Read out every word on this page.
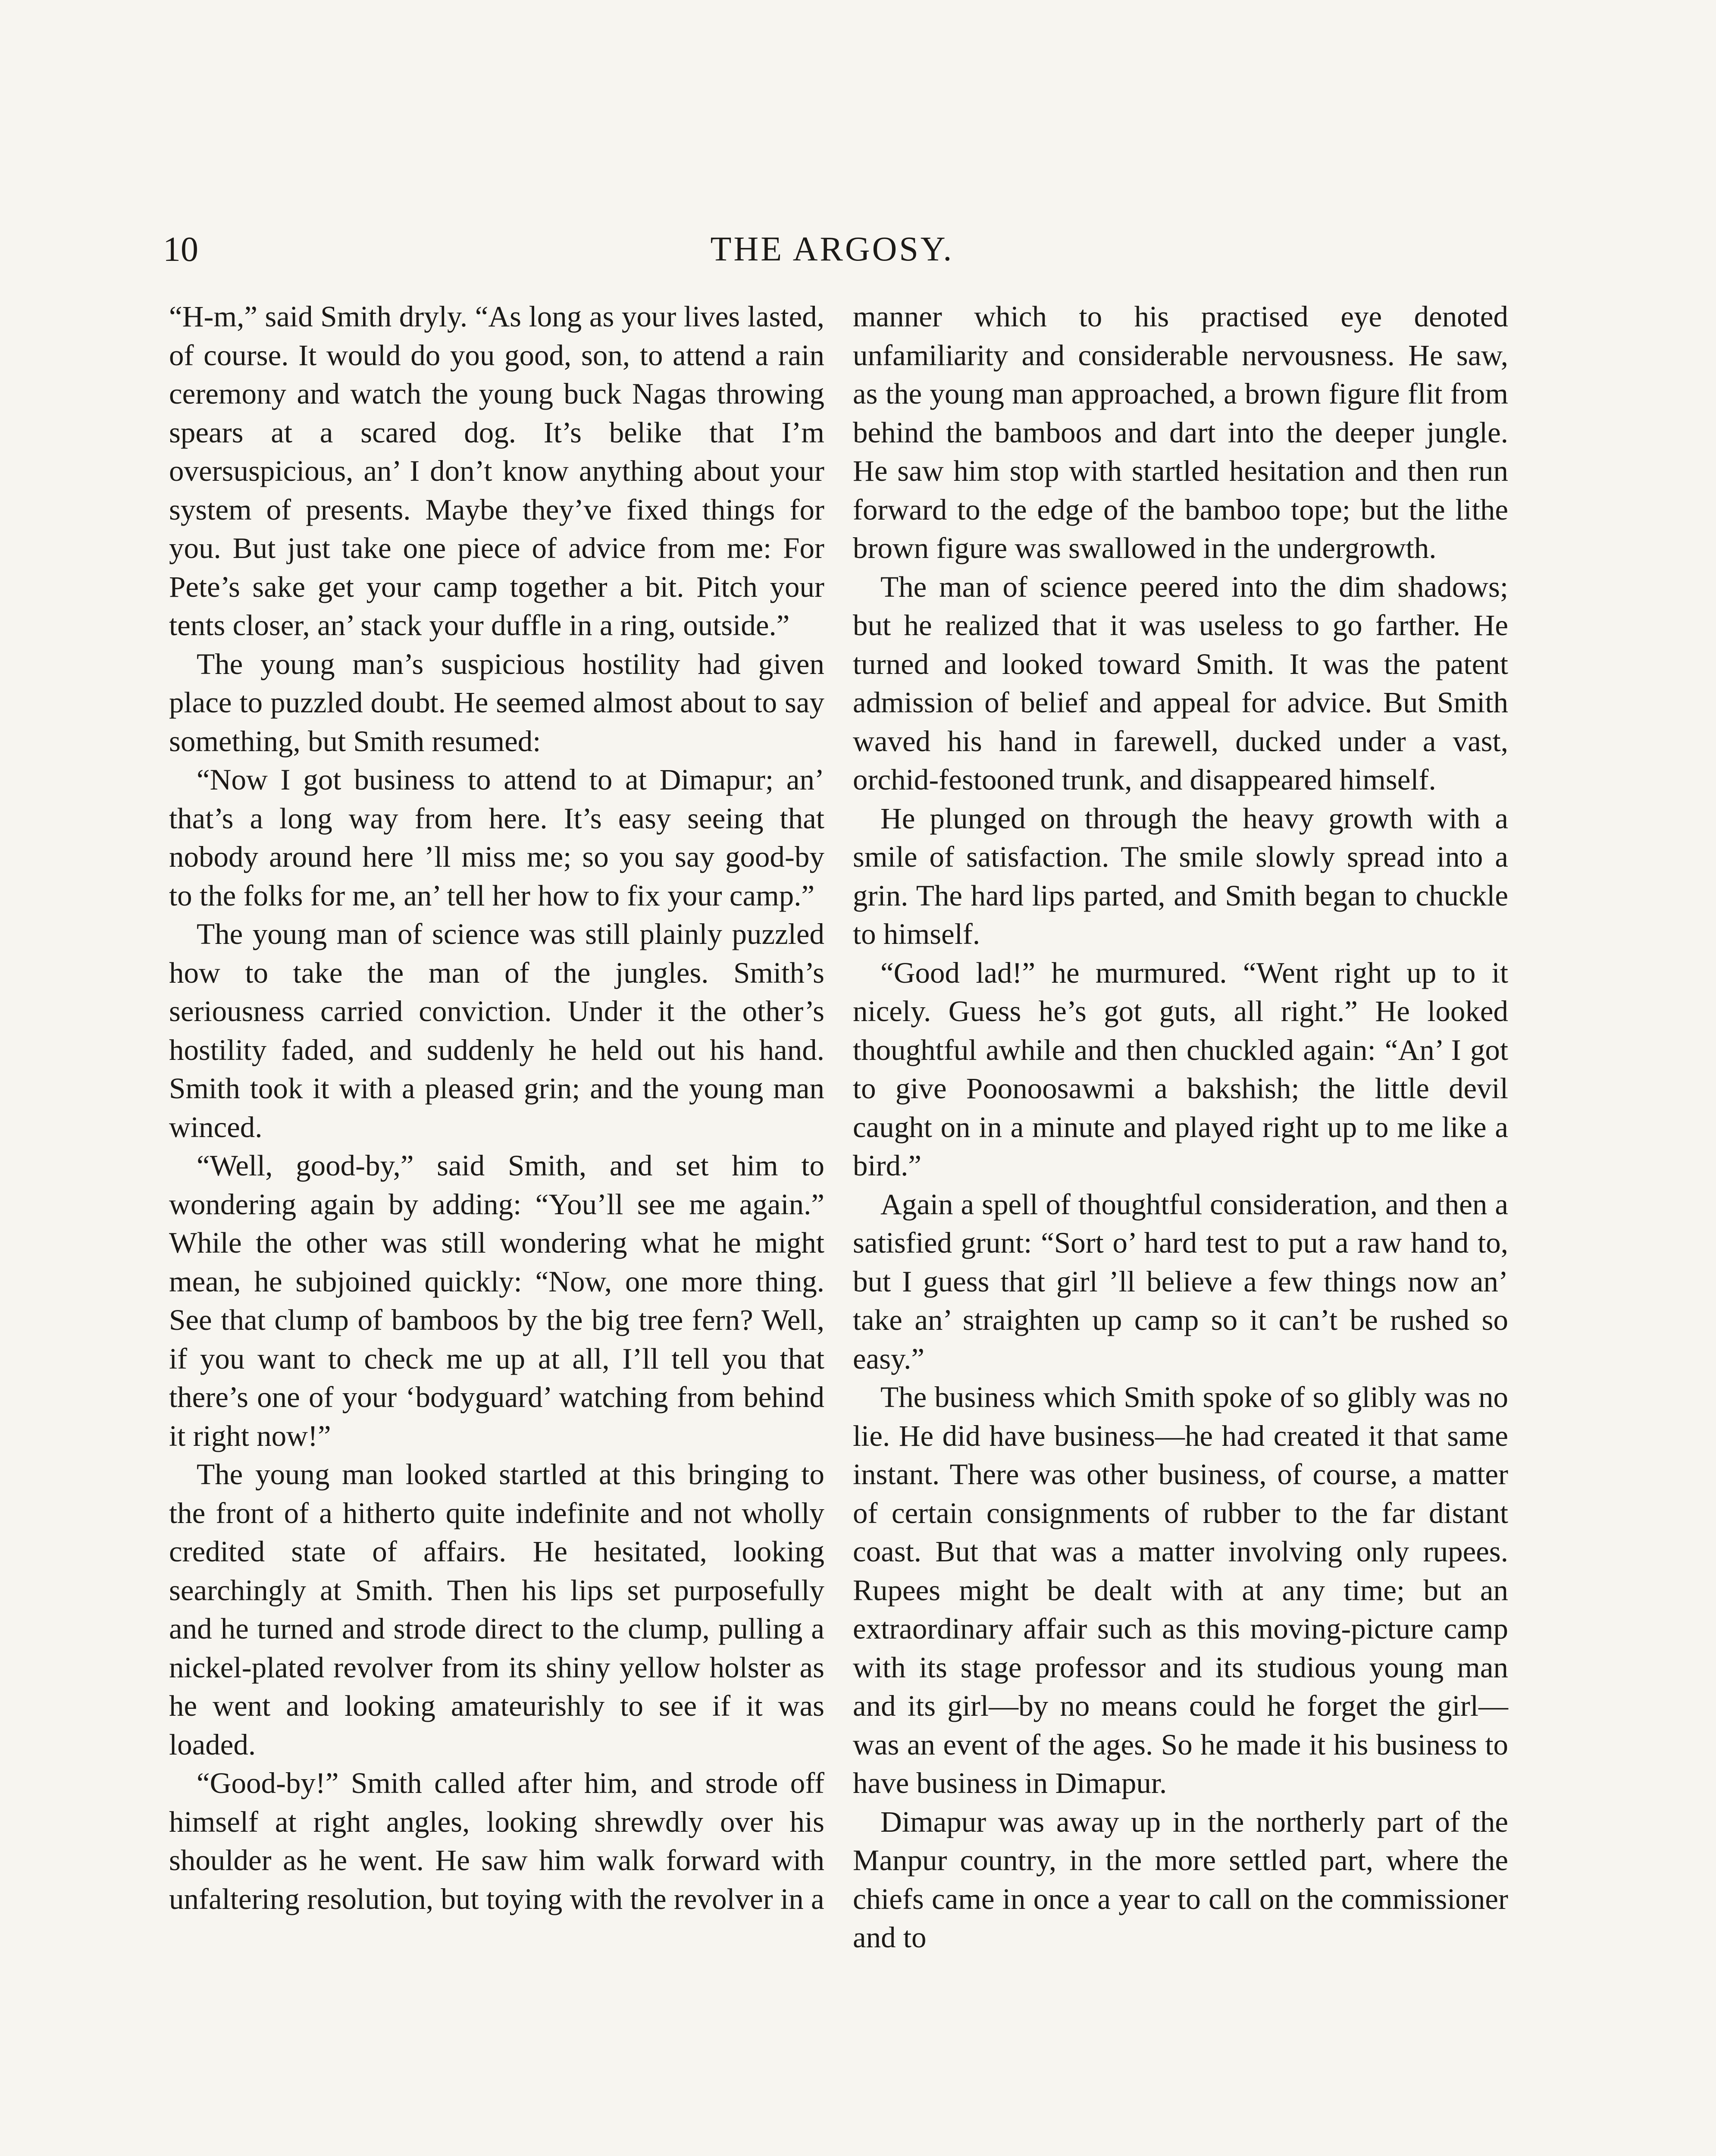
10	THE ARGOSY.

“H-m,” said Smith dryly. “As long as your lives lasted, of course. It would do you good, son, to attend a rain ceremony and watch the young buck Nagas throwing spears at a scared dog. It’s belike that I’m oversuspicious, an’ I don’t know anything about your system of presents. Maybe they’ve fixed things for you. But just take one piece of advice from me: For Pete’s sake get your camp together a bit. Pitch your tents closer, an’ stack your duffle in a ring, outside.”

The young man’s suspicious hostility had given place to puzzled doubt. He seemed almost about to say something, but Smith resumed:

“Now I got business to attend to at Dimapur; an’ that’s a long way from here. It’s easy seeing that nobody around here ’ll miss me; so you say good-by to the folks for me, an’ tell her how to fix your camp.”

The young man of science was still plainly puzzled how to take the man of the jungles. Smith’s seriousness carried conviction. Under it the other’s hostility faded, and suddenly he held out his hand. Smith took it with a pleased grin; and the young man winced.

“Well, good-by,” said Smith, and set him to wondering again by adding: “You’ll see me again.” While the other was still wondering what he might mean, he subjoined quickly: “Now, one more thing. See that clump of bamboos by the big tree fern? Well, if you want to check me up at all, I’ll tell you that there’s one of your ‘bodyguard’ watching from behind it right now!”

The young man looked startled at this bringing to the front of a hitherto quite indefinite and not wholly credited state of affairs. He hesitated, looking searchingly at Smith. Then his lips set purposefully and he turned and strode direct to the clump, pulling a nickel-plated revolver from its shiny yellow holster as he went and looking amateurishly to see if it was loaded.

“Good-by!” Smith called after him, and strode off himself at right angles, looking shrewdly over his shoulder as he went. He saw him walk forward with unfaltering resolution, but toying with the revolver in a

manner which to his practised eye denoted unfamiliarity and considerable nervousness. He saw, as the young man approached, a brown figure flit from behind the bamboos and dart into the deeper jungle. He saw him stop with startled hesitation and then run forward to the edge of the bamboo tope; but the lithe brown figure was swallowed in the undergrowth.

The man of science peered into the dim shadows; but he realized that it was useless to go farther. He turned and looked toward Smith. It was the patent admission of belief and appeal for advice. But Smith waved his hand in farewell, ducked under a vast, orchid-festooned trunk, and disappeared himself.

He plunged on through the heavy growth with a smile of satisfaction. The smile slowly spread into a grin. The hard lips parted, and Smith began to chuckle to himself.

“Good lad!” he murmured. “Went right up to it nicely. Guess he’s got guts, all right.” He looked thoughtful awhile and then chuckled again: “An’ I got to give Poonoosawmi a bakshish; the little devil caught on in a minute and played right up to me like a bird.”

Again a spell of thoughtful consideration, and then a satisfied grunt: “Sort o’ hard test to put a raw hand to, but I guess that girl ’ll believe a few things now an’ take an’ straighten up camp so it can’t be rushed so easy.”

The business which Smith spoke of so glibly was no lie. He did have business—he had created it that same instant. There was other business, of course, a matter of certain consignments of rubber to the far distant coast. But that was a matter involving only rupees. Rupees might be dealt with at any time; but an extraordinary affair such as this moving-picture camp with its stage professor and its studious young man and its girl—by no means could he forget the girl—was an event of the ages. So he made it his business to have business in Dimapur.

Dimapur was away up in the northerly part of the Manpur country, in the more settled part, where the chiefs came in once a year to call on the commissioner and to
